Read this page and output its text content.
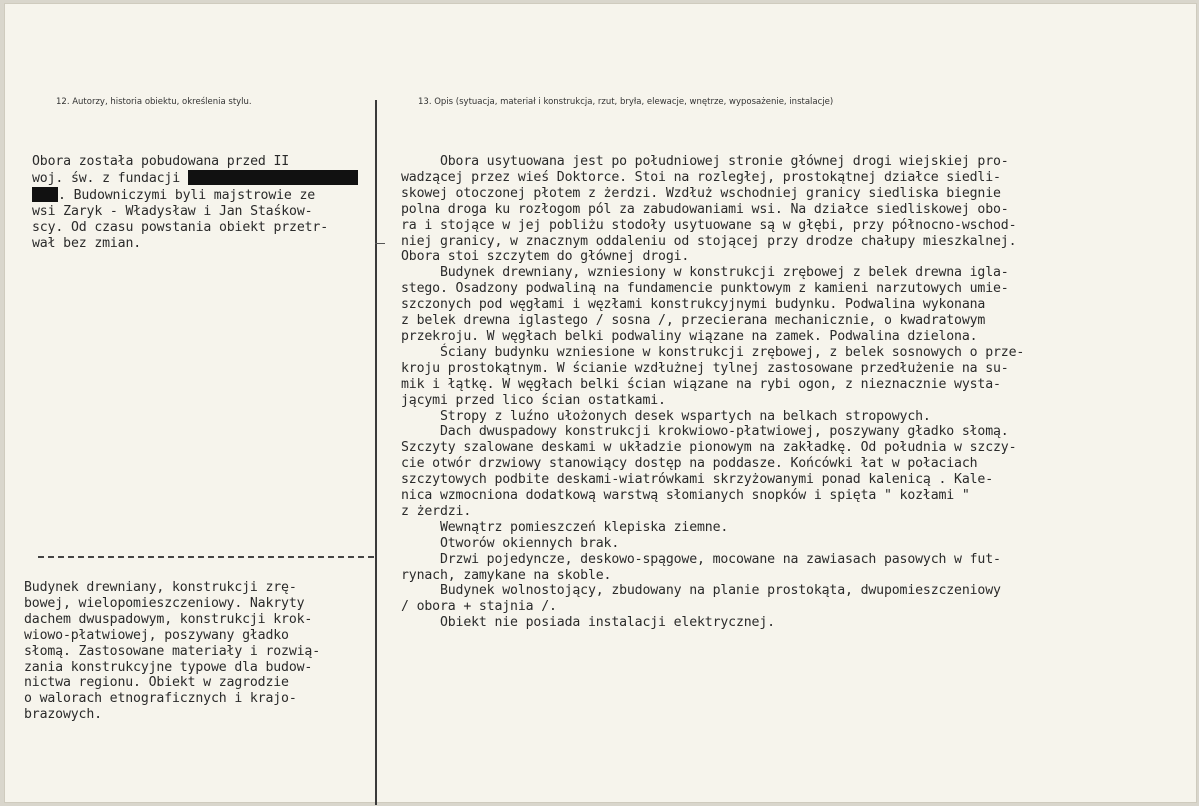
12. Autorzy, historia obiektu, określenia stylu.	13. Opis (sytuacja, materiał i konstrukcja, rzut, bryła, elewacje, wnętrze, wyposażenie, instalacje)
Obora została pobudowana przed II
woj. św. z fundacji
. Budowniczymi byli majstrowie ze
wsi Zaryk - Władysław i Jan Staśkow-
scy. Od czasu powstania obiekt przetr-
wał bez zmian.
Budynek drewniany, konstrukcji zrę-
bowej, wielopomieszczeniowy. Nakryty
dachem dwuspadowym, konstrukcji krok-
wiowo-płatwiowej, poszywany gładko
słomą. Zastosowane materiały i rozwią-
zania konstrukcyjne typowe dla budow-
nictwa regionu. Obiekt w zagrodzie
o walorach etnograficznych i krajo-
brazowych.
Obora usytuowana jest po południowej stronie głównej drogi wiejskiej pro-
wadzącej przez wieś Doktorce. Stoi na rozległej, prostokątnej działce siedli-
skowej otoczonej płotem z żerdzi. Wzdłuż wschodniej granicy siedliska biegnie
polna droga ku rozłogom pól za zabudowaniami wsi. Na działce siedliskowej obo-
ra i stojące w jej pobliżu stodoły usytuowane są w głębi, przy północno-wschod-
niej granicy, w znacznym oddaleniu od stojącej przy drodze chałupy mieszkalnej.
Obora stoi szczytem do głównej drogi.
Budynek drewniany, wzniesiony w konstrukcji zrębowej z belek drewna igla-
stego. Osadzony podwaliną na fundamencie punktowym z kamieni narzutowych umie-
szczonych pod węgłami i węzłami konstrukcyjnymi budynku. Podwalina wykonana
z belek drewna iglastego / sosna /, przecierana mechanicznie, o kwadratowym
przekroju. W węgłach belki podwaliny wiązane na zamek. Podwalina dzielona.
Ściany budynku wzniesione w konstrukcji zrębowej, z belek sosnowych o prze-
kroju prostokątnym. W ścianie wzdłużnej tylnej zastosowane przedłużenie na su-
mik i łątkę. W węgłach belki ścian wiązane na rybi ogon, z nieznacznie wysta-
jącymi przed lico ścian ostatkami.
Stropy z luźno ułożonych desek wspartych na belkach stropowych.
Dach dwuspadowy konstrukcji krokwiowo-płatwiowej, poszywany gładko słomą.
Szczyty szalowane deskami w układzie pionowym na zakładkę. Od południa w szczy-
cie otwór drzwiowy stanowiący dostęp na poddasze. Końcówki łat w połaciach
szczytowych podbite deskami-wiatrówkami skrzyżowanymi ponad kalenicą . Kale-
nica wzmocniona dodatkową warstwą słomianych snopków i spięta " kozłami "
z żerdzi.
Wewnątrz pomieszczeń klepiska ziemne.
Otworów okiennych brak.
Drzwi pojedyncze, deskowo-spągowe, mocowane na zawiasach pasowych w fut-
rynach, zamykane na skoble.
Budynek wolnostojący, zbudowany na planie prostokąta, dwupomieszczeniowy
/ obora + stajnia /.
Obiekt nie posiada instalacji elektrycznej.
